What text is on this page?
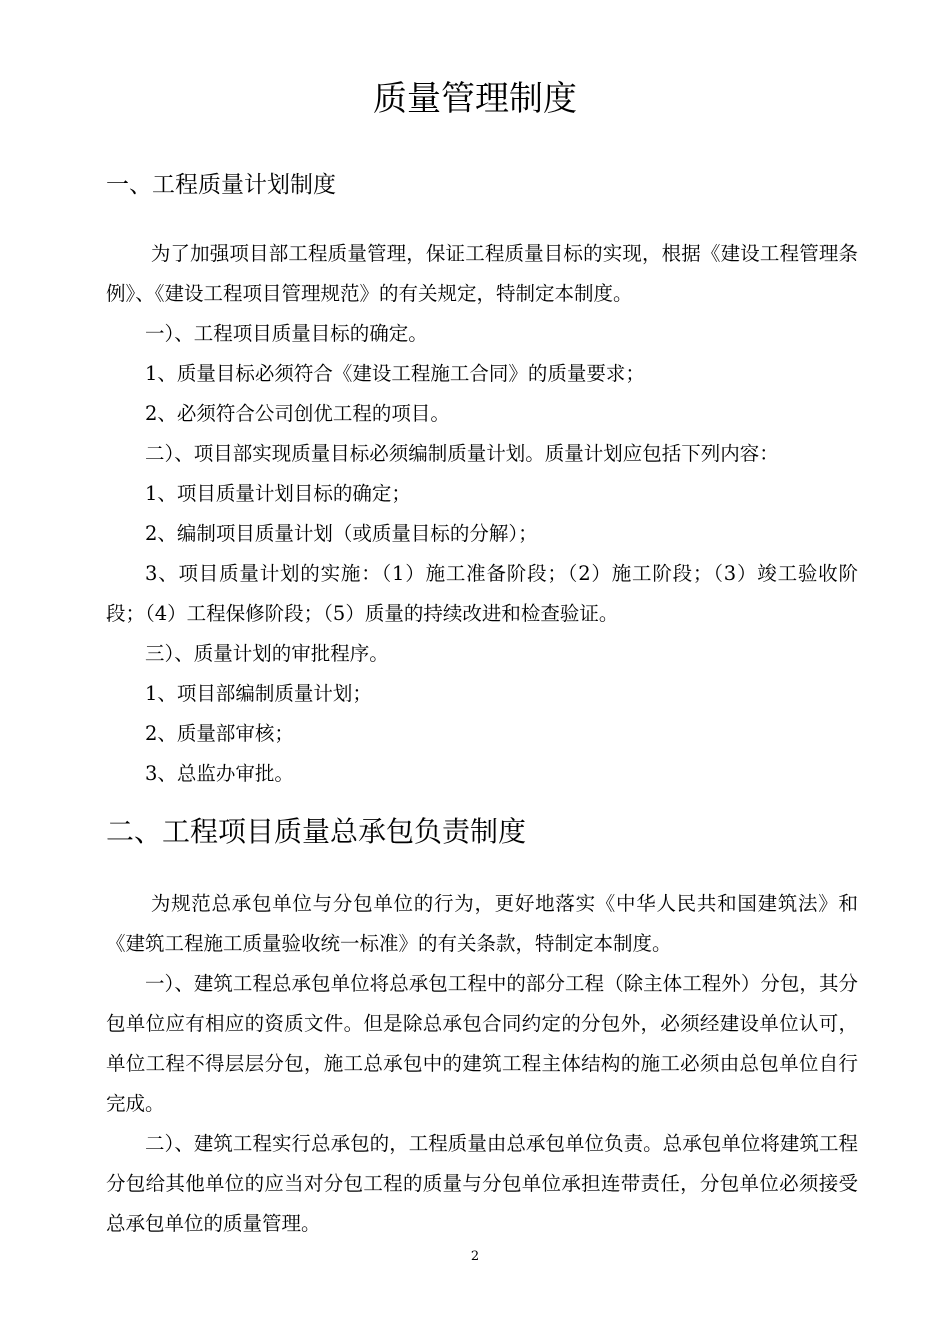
质量管理制度
一、工程质量计划制度

为了加强项目部工程质量管理，保证工程质量目标的实现，根据《建设工程管理条例》、《建设工程项目管理规范》的有关规定，特制定本制度。

一）、工程项目质量目标的确定。

1、质量目标必须符合《建设工程施工合同》的质量要求；

2、必须符合公司创优工程的项目。

二）、项目部实现质量目标必须编制质量计划。质量计划应包括下列内容：

1、项目质量计划目标的确定；

2、编制项目质量计划（或质量目标的分解）；

3、项目质量计划的实施：（1）施工准备阶段；（2）施工阶段；（3）竣工验收阶段；（4）工程保修阶段；（5）质量的持续改进和检查验证。

三）、质量计划的审批程序。

1、项目部编制质量计划；

2、质量部审核；

3、总监办审批。

二、工程项目质量总承包负责制度

为规范总承包单位与分包单位的行为，更好地落实《中华人民共和国建筑法》和《建筑工程施工质量验收统一标准》的有关条款，特制定本制度。

一）、建筑工程总承包单位将总承包工程中的部分工程（除主体工程外）分包，其分包单位应有相应的资质文件。但是除总承包合同约定的分包外，必须经建设单位认可，单位工程不得层层分包，施工总承包中的建筑工程主体结构的施工必须由总包单位自行完成。

二）、建筑工程实行总承包的，工程质量由总承包单位负责。总承包单位将建筑工程分包给其他单位的应当对分包工程的质量与分包单位承担连带责任，分包单位必须接受总承包单位的质量管理。

2
